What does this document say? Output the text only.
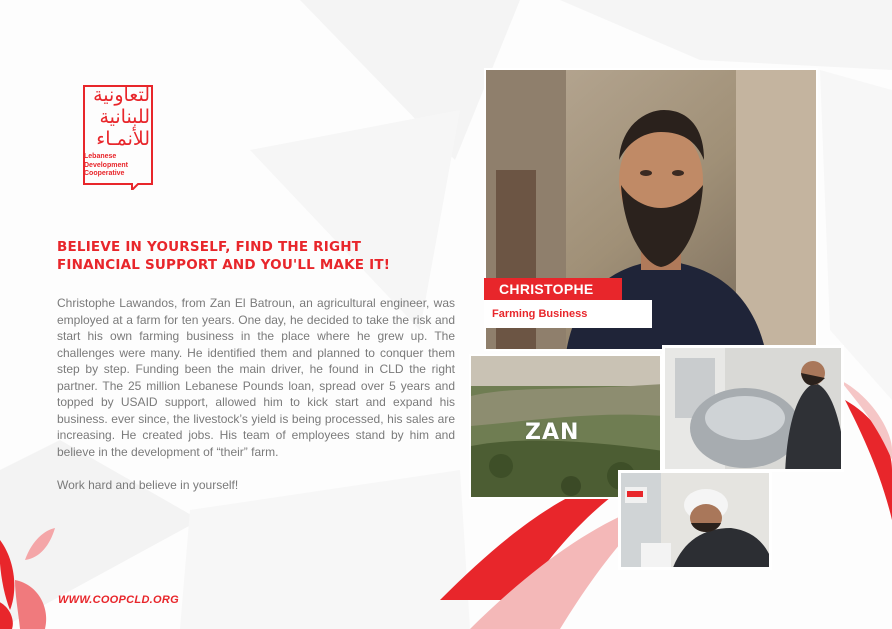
لتعاونية
للبنانية
للأنمـاء
Lebanese
Development
Cooperative
BELIEVE IN YOURSELF, FIND THE RIGHT
FINANCIAL SUPPORT AND YOU'LL MAKE IT!

Christophe Lawandos, from Zan El Batroun, an agricultural engineer, was employed at a farm for ten years. One day, he decided to take the risk and start his own farming business in the place where he grew up. The challenges were many. He identified them and planned to conquer them step by step. Funding been the main driver, he found in CLD the right partner. The 25 million Lebanese Pounds loan, spread over 5 years and topped by USAID support, allowed him to kick start and expand his business. ever since, the livestock’s yield is being processed, his sales are increasing. He created jobs. His team of employees stand by him and believe in the development of “their” farm.

Work hard and believe in yourself!
WWW.COOPCLD.ORG
CHRISTOPHE
Farming Business
ZAN
